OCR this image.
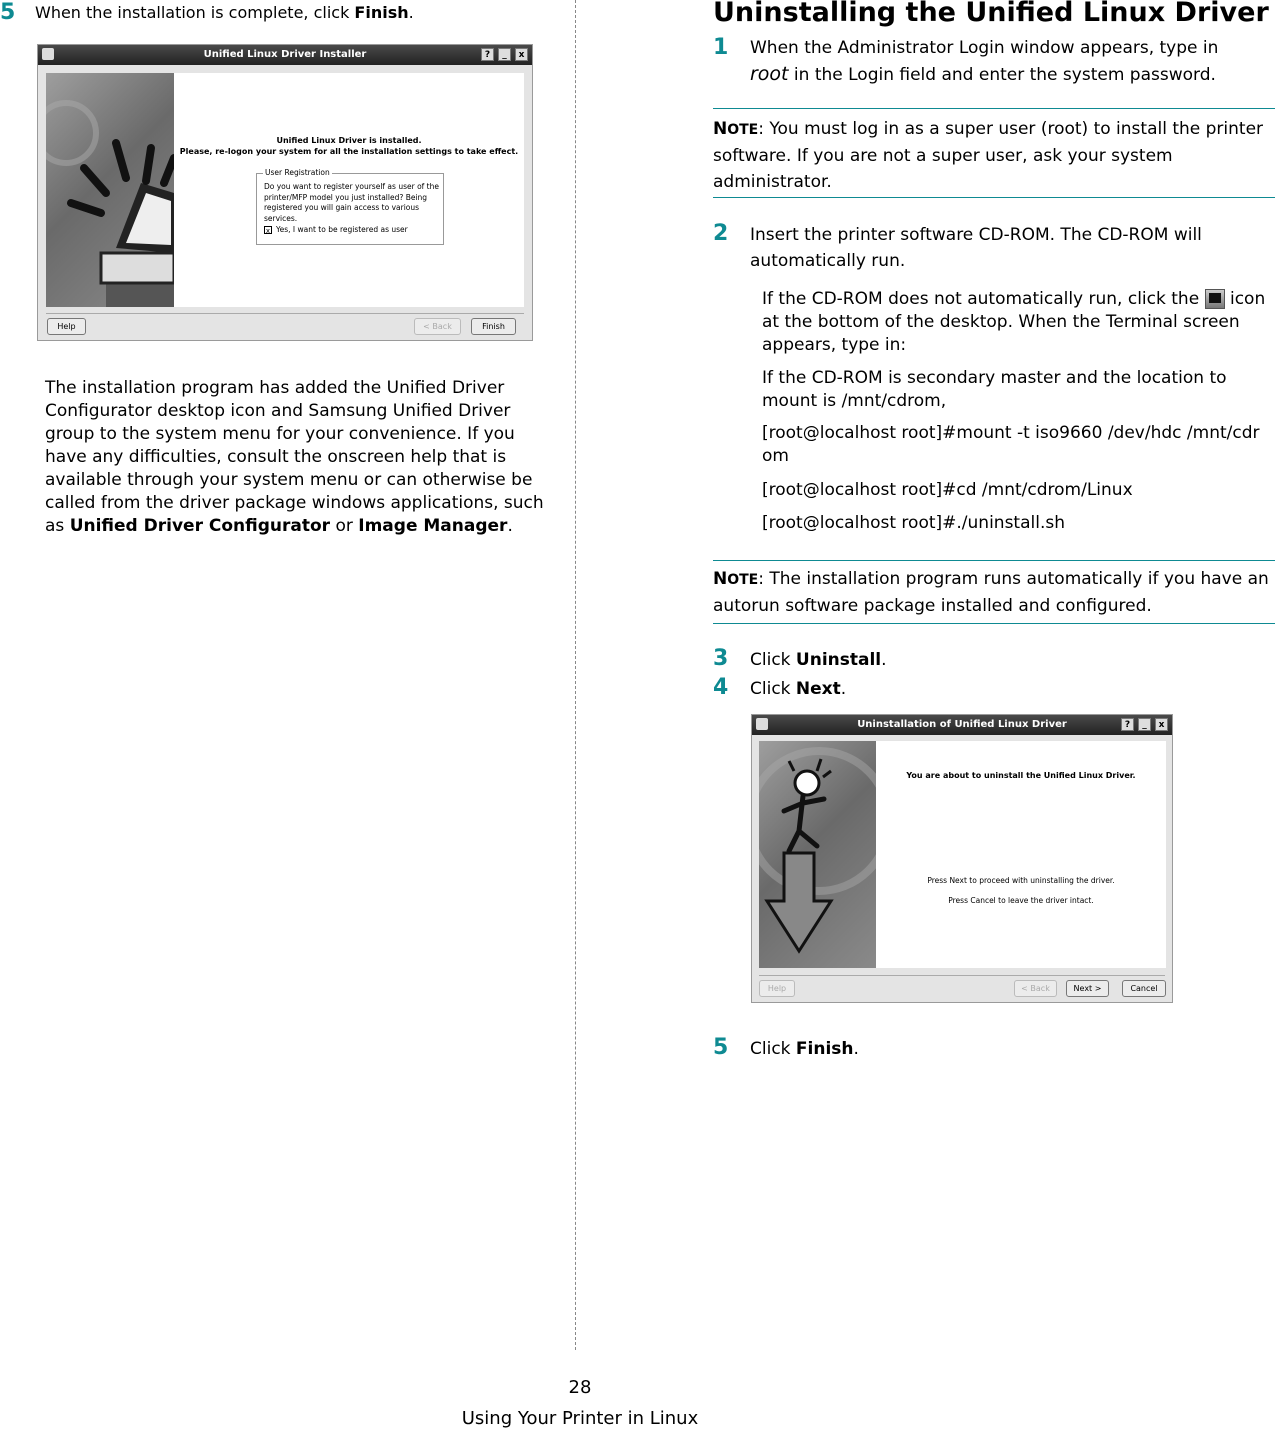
5 When the installation is complete, click Finish.
Unified Linux Driver Installer	?	_	x
Unified Linux Driver is installed.
Please, re-logon your system for all the installation settings to take effect.
User Registration
Do you want to register yourself as user of the printer/MFP model you just installed? Being registered you will gain access to various services.
x Yes, I want to be registered as user
Help	< Back	Finish

The installation program has added the Unified Driver Configurator desktop icon and Samsung Unified Driver group to the system menu for your convenience. If you have any difficulties, consult the onscreen help that is available through your system menu or can otherwise be called from the driver package windows applications, such as Unified Driver Configurator or Image Manager.

Uninstalling the Unified Linux Driver
1 When the Administrator Login window appears, type in root in the Login field and enter the system password.

NOTE: You must log in as a super user (root) to install the printer software. If you are not a super user, ask your system administrator.

2 Insert the printer software CD-ROM. The CD-ROM will automatically run.

If the CD-ROM does not automatically run, click the icon at the bottom of the desktop. When the Terminal screen appears, type in:

If the CD-ROM is secondary master and the location to mount is /mnt/cdrom,

[root@localhost root]#mount -t iso9660 /dev/hdc /mnt/cdrom

[root@localhost root]#cd /mnt/cdrom/Linux

[root@localhost root]#./uninstall.sh

NOTE: The installation program runs automatically if you have an autorun software package installed and configured.

3 Click Uninstall.
4 Click Next.
Uninstallation of Unified Linux Driver	?	_	x
You are about to uninstall the Unified Linux Driver.
Press Next to proceed with uninstalling the driver.
Press Cancel to leave the driver intact.
Help	< Back	Next >	Cancel
5 Click Finish.
28
Using Your Printer in Linux
